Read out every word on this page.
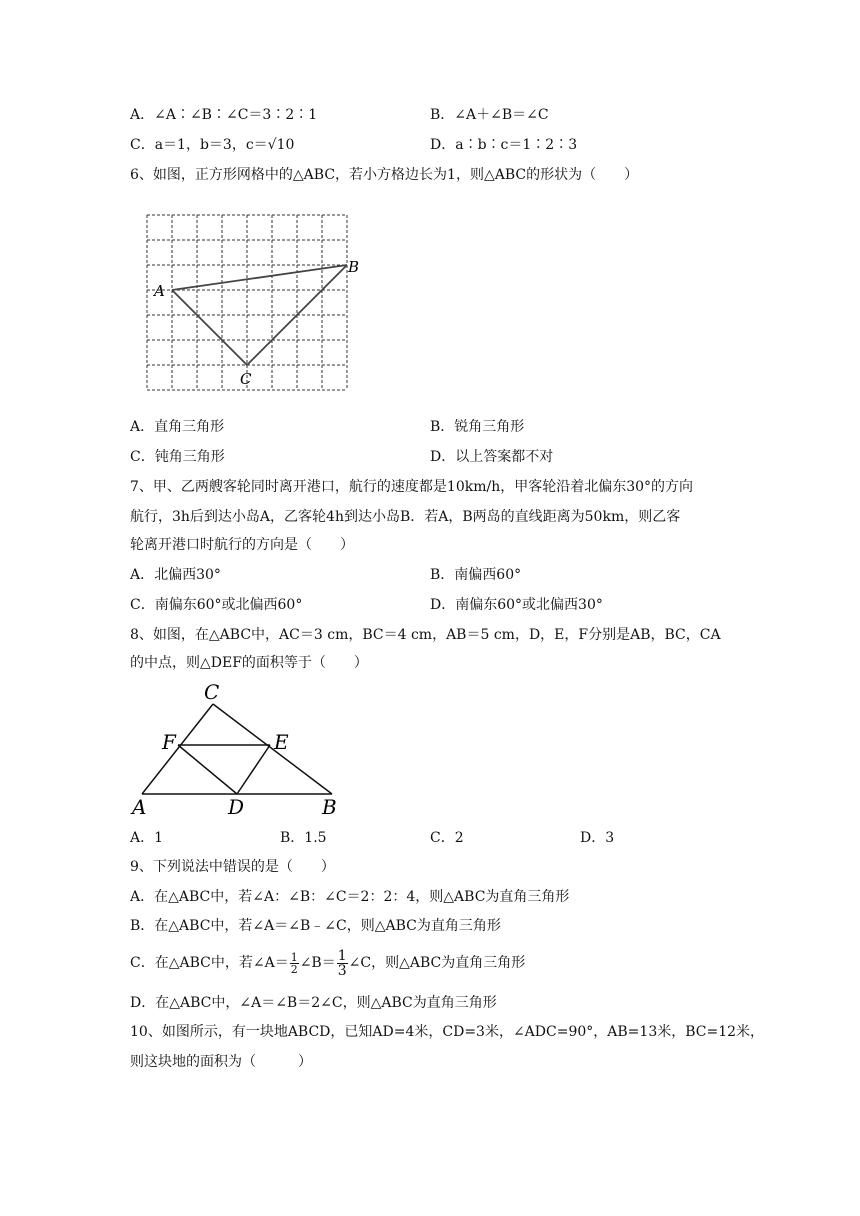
A．∠A∶∠B∶∠C＝3∶2∶1	B．∠A＋∠B＝∠C
C．a＝1，b＝3，c＝√10	D．a∶b∶c＝1∶2∶3
6、如图，正方形网格中的△ABC，若小方格边长为1，则△ABC的形状为（　　）
A
B
C
A．直角三角形	B．锐角三角形
C．钝角三角形	D．以上答案都不对
7、甲、乙两艘客轮同时离开港口，航行的速度都是10km/h，甲客轮沿着北偏东30°的方向
航行，3h后到达小岛A，乙客轮4h到达小岛B．若A，B两岛的直线距离为50km，则乙客
轮离开港口时航行的方向是（　　）
A．北偏西30°	B．南偏西60°
C．南偏东60°或北偏西60°	D．南偏东60°或北偏西30°
8、如图，在△ABC中，AC＝3 cm，BC＝4 cm，AB＝5 cm，D，E，F分别是AB，BC，CA
的中点，则△DEF的面积等于（　　）
C
F	E
A	D	B
A．1	B．1.5	C．2	D．3
9、下列说法中错误的是（　　）
A．在△ABC中，若∠A：∠B：∠C＝2：2：4，则△ABC为直角三角形
B．在△ABC中，若∠A＝∠B﹣∠C，则△ABC为直角三角形
C．在△ABC中，若∠A＝ $\frac{1}{2}$ ∠B＝ $\frac{1}{3}$ ∠C，则△ABC为直角三角形
D．在△ABC中，∠A＝∠B＝2∠C，则△ABC为直角三角形
10、如图所示，有一块地ABCD，已知AD=4米，CD=3米，∠ADC=90°，AB=13米，BC=12米，
则这块地的面积为（　　　）
